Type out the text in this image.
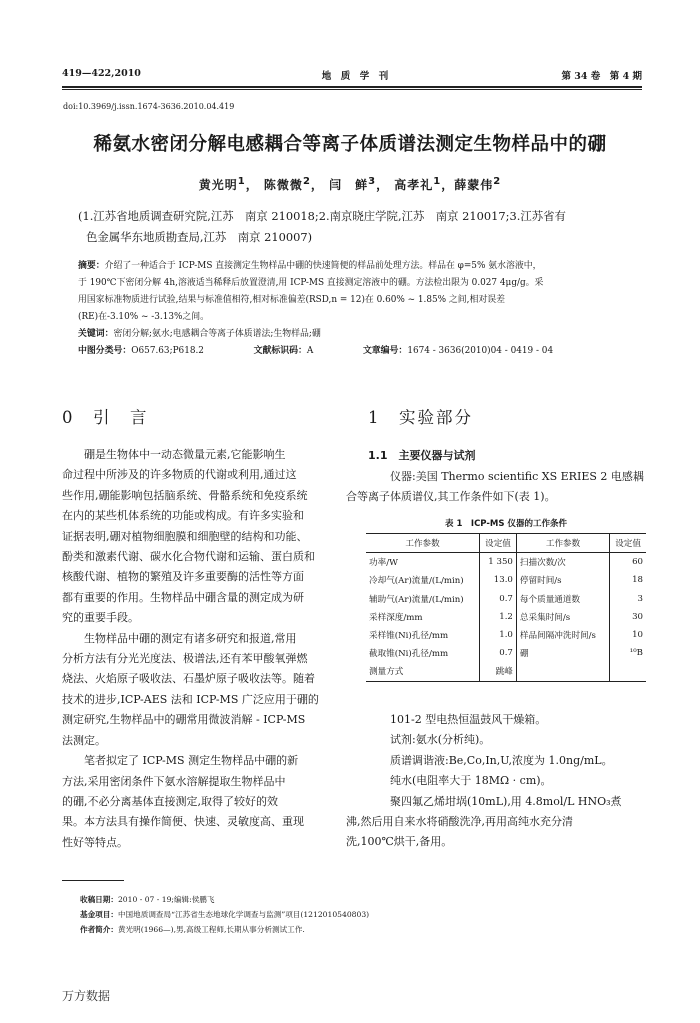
419—422,2010	地　质　学　刊	第 34 卷　第 4 期
doi:10.3969/j.issn.1674-3636.2010.04.419
稀氨水密闭分解电感耦合等离子体质谱法测定生物样品中的硼
黄光明$^1$， 陈微微$^2$， 闫　鲜$^3$， 高孝礼$^1$，薛蒙伟$^2$
(1.江苏省地质调查研究院,江苏　南京 210018;2.南京晓庄学院,江苏　南京 210017;3.江苏省有
色金属华东地质勘查局,江苏　南京 210007)
摘要：介绍了一种适合于 ICP-MS 直接测定生物样品中硼的快速简便的样品前处理方法。样品在 φ=5% 氨水溶液中，
于 190℃下密闭分解 4h,溶液适当稀释后放置澄清,用 ICP-MS 直接测定溶液中的硼。方法检出限为 0.027 4μg/g。采
用国家标准物质进行试验,结果与标准值相符,相对标准偏差(RSD,n = 12)在 0.60% ~ 1.85% 之间,相对误差
(RE)在-3.10% ~ -3.13%之间。
关键词：密闭分解;氨水;电感耦合等离子体质谱法;生物样品;硼
中图分类号：O657.63;P618.2	文献标识码：A	文章编号：1674 - 3636(2010)04 - 0419 - 04
0　引　言

硼是生物体中一动态微量元素,它能影响生
命过程中所涉及的许多物质的代谢或利用,通过这
些作用,硼能影响包括脑系统、骨骼系统和免疫系统
在内的某些机体系统的功能或构成。有许多实验和
证据表明,硼对植物细胞膜和细胞壁的结构和功能、
酚类和激素代谢、碳水化合物代谢和运输、蛋白质和
核酸代谢、植物的繁殖及许多重要酶的活性等方面
都有重要的作用。生物样品中硼含量的测定成为研
究的重要手段。

生物样品中硼的测定有诸多研究和报道,常用
分析方法有分光光度法、极谱法,还有苯甲酸氧弹燃
烧法、火焰原子吸收法、石墨炉原子吸收法等。随着
技术的进步,ICP-AES 法和 ICP-MS 广泛应用于硼的
测定研究,生物样品中的硼常用微波消解 - ICP-MS
法测定。

笔者拟定了 ICP-MS 测定生物样品中硼的新
方法,采用密闭条件下氨水溶解提取生物样品中
的硼,不必分离基体直接测定,取得了较好的效
果。本方法具有操作简便、快速、灵敏度高、重现
性好等特点。

1　实验部分
1.1　主要仪器与试剂

仪器:美国 Thermo scientific XS ERIES 2 电感耦
合等离子体质谱仪,其工作条件如下(表 1)。

表 1　ICP-MS 仪器的工作条件
工作参数	设定值	工作参数	设定值
功率/W	1 350	扫描次数/次	60
冷却气(Ar)流量/(L/min)	13.0	停留时间/s	18
辅助气(Ar)流量/(L/min)	0.7	每个质量通道数	3
采样深度/mm	1.2	总采集时间/s	30
采样锥(Ni)孔径/mm	1.0	样品间隔冲洗时间/s	10
截取锥(Ni)孔径/mm	0.7	硼	¹⁰B
测量方式	跳峰		

101-2 型电热恒温鼓风干燥箱。

试剂:氨水(分析纯)。

质谱调谐液:Be,Co,In,U,浓度为 1.0ng/mL。

纯水(电阻率大于 18MΩ · cm)。

聚四氟乙烯坩埚(10mL),用 4.8mol/L HNO₃煮
沸,然后用自来水将硝酸洗净,再用高纯水充分清
洗,100℃烘干,备用。

收稿日期：2010 - 07 - 19;编辑:侯鹏飞
基金项目：中国地质调查局“江苏省生态地球化学调查与监测”项目(1212010540803)
作者简介：黄光明(1966—),男,高级工程师,长期从事分析测试工作.
万方数据
